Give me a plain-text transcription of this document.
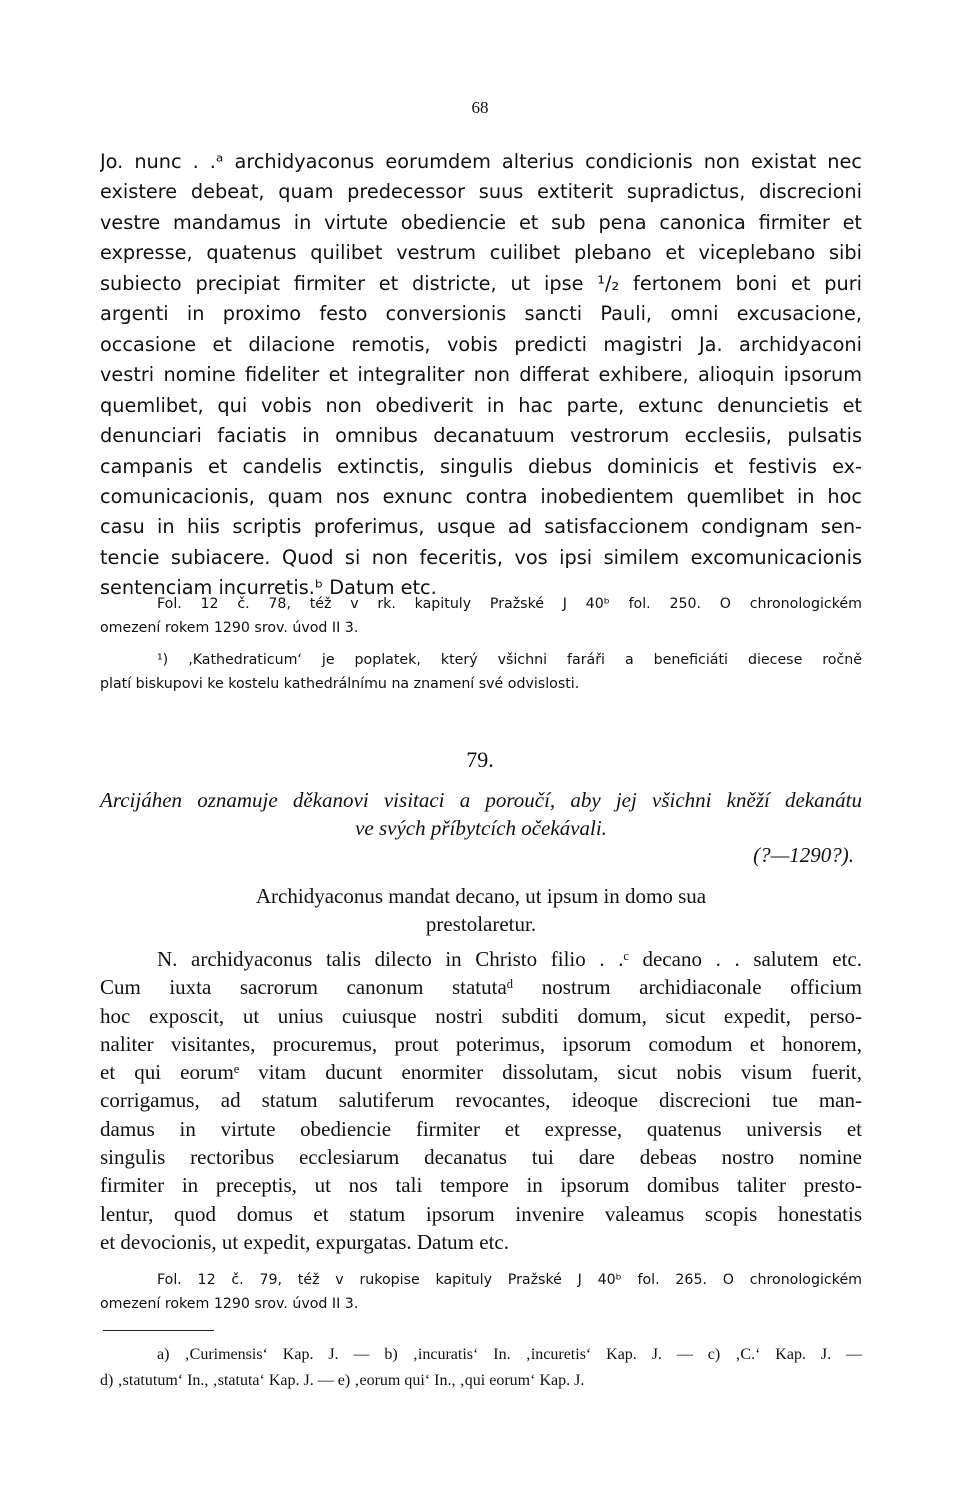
68
Jo. nunc . .ᵃ archidyaconus eorumdem alterius condicionis non existat nec
existere debeat, quam predecessor suus extiterit supradictus, discrecioni
vestre mandamus in virtute obediencie et sub pena canonica firmiter et
expresse, quatenus quilibet vestrum cuilibet plebano et viceplebano sibi
subiecto precipiat firmiter et districte, ut ipse ¹/₂ fertonem boni et puri
argenti in proximo festo conversionis sancti Pauli, omni excusacione,
occasione et dilacione remotis, vobis predicti magistri Ja. archidyaconi
vestri nomine fideliter et integraliter non differat exhibere, alioquin ipsorum
quemlibet, qui vobis non obediverit in hac parte, extunc denuncietis et
denunciari faciatis in omnibus decanatuum vestrorum ecclesiis, pulsatis
campanis et candelis extinctis, singulis diebus dominicis et festivis ex-
comunicacionis, quam nos exnunc contra inobedientem quemlibet in hoc
casu in hiis scriptis proferimus, usque ad satisfaccionem condignam sen-
tencie subiacere. Quod si non feceritis, vos ipsi similem excomunicacionis
sentenciam incurretis.ᵇ Datum etc.
Fol. 12 č. 78, též v rk. kapituly Pražské J 40ᵇ fol. 250. O chronologickém
omezení rokem 1290 srov. úvod II 3.
¹) ‚Kathedraticum‘ je poplatek, který všichni faráři a beneficiáti diecese ročně
platí biskupovi ke kostelu kathedrálnímu na znamení své odvislosti.
79.
Arcijáhen oznamuje děkanovi visitaci a poroučí, aby jej všichni kněží dekanátu
ve svých příbytcích očekávali.
(?—1290?).
Archidyaconus mandat decano, ut ipsum in domo sua
prestolaretur.
N. archidyaconus talis dilecto in Christo filio . .ᶜ decano . . salutem etc.
Cum iuxta sacrorum canonum statutaᵈ nostrum archidiaconale officium
hoc exposcit, ut unius cuiusque nostri subditi domum, sicut expedit, perso-
naliter visitantes, procuremus, prout poterimus, ipsorum comodum et honorem,
et qui eorumᵉ vitam ducunt enormiter dissolutam, sicut nobis visum fuerit,
corrigamus, ad statum salutiferum revocantes, ideoque discrecioni tue man-
damus in virtute obediencie firmiter et expresse, quatenus universis et
singulis rectoribus ecclesiarum decanatus tui dare debeas nostro nomine
firmiter in preceptis, ut nos tali tempore in ipsorum domibus taliter presto-
lentur, quod domus et statum ipsorum invenire valeamus scopis honestatis
et devocionis, ut expedit, expurgatas. Datum etc.
Fol. 12 č. 79, též v rukopise kapituly Pražské J 40ᵇ fol. 265. O chronologickém
omezení rokem 1290 srov. úvod II 3.
a) ‚Curimensis‘ Kap. J. — b) ‚incuratis‘ In. ‚incuretis‘ Kap. J. — c) ‚C.‘ Kap. J. —
d) ‚statutum‘ In., ‚statuta‘ Kap. J. — e) ‚eorum qui‘ In., ‚qui eorum‘ Kap. J.
